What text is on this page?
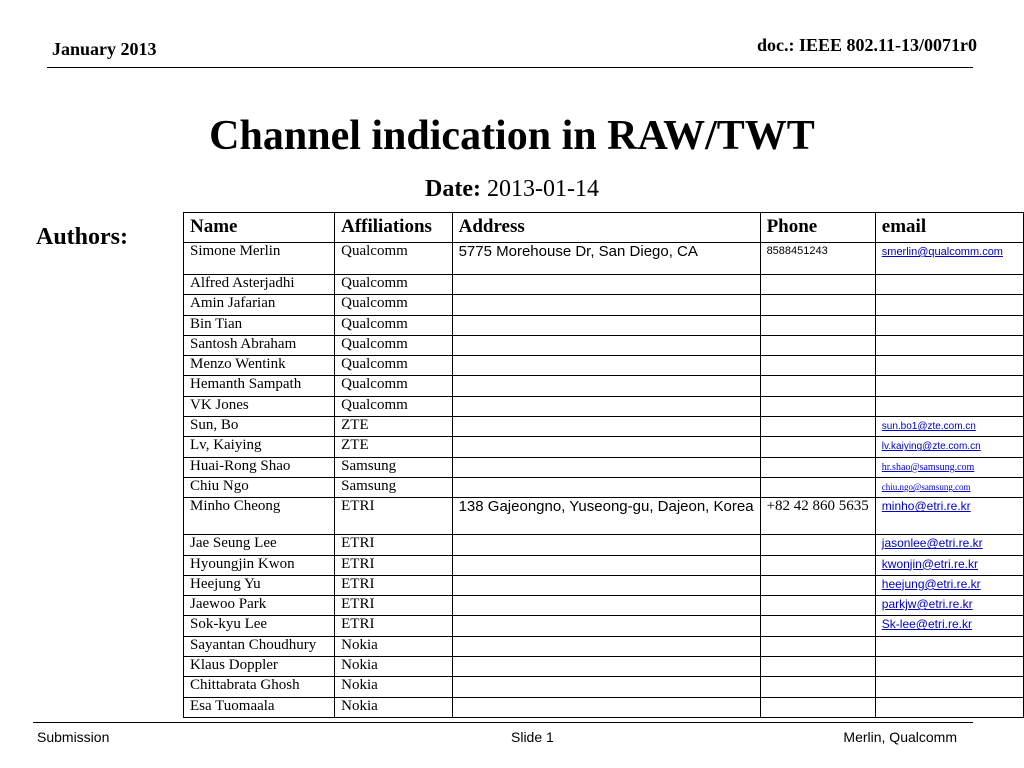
January 2013	doc.: IEEE 802.11-13/0071r0
Channel indication in RAW/TWT
Date: 2013-01-14
Authors:	Name	Affiliations	Address	Phone	email
Simone Merlin	Qualcomm	5775 Morehouse Dr, San Diego, CA	8588451243	smerlin@qualcomm.com
Alfred Asterjadhi	Qualcomm			
Amin Jafarian	Qualcomm			
Bin Tian	Qualcomm			
Santosh Abraham	Qualcomm			
Menzo Wentink	Qualcomm			
Hemanth Sampath	Qualcomm			
VK Jones	Qualcomm			
Sun, Bo	ZTE			sun.bo1@zte.com.cn
Lv, Kaiying	ZTE			lv.kaiying@zte.com.cn
Huai-Rong Shao	Samsung			hr.shao@samsung.com
Chiu Ngo	Samsung			chiu.ngo@samsung.com
Minho Cheong	ETRI	138 Gajeongno, Yuseong-gu, Dajeon, Korea	+82 42 860 5635	minho@etri.re.kr
Jae Seung Lee	ETRI			jasonlee@etri.re.kr
Hyoungjin Kwon	ETRI			kwonjin@etri.re.kr
Heejung Yu	ETRI			heejung@etri.re.kr
Jaewoo Park	ETRI			parkjw@etri.re.kr
Sok-kyu Lee	ETRI			Sk-lee@etri.re.kr
Sayantan Choudhury	Nokia			
Klaus Doppler	Nokia			
Chittabrata Ghosh	Nokia			
Esa Tuomaala	Nokia			
Submission	Slide 1	Merlin, Qualcomm
